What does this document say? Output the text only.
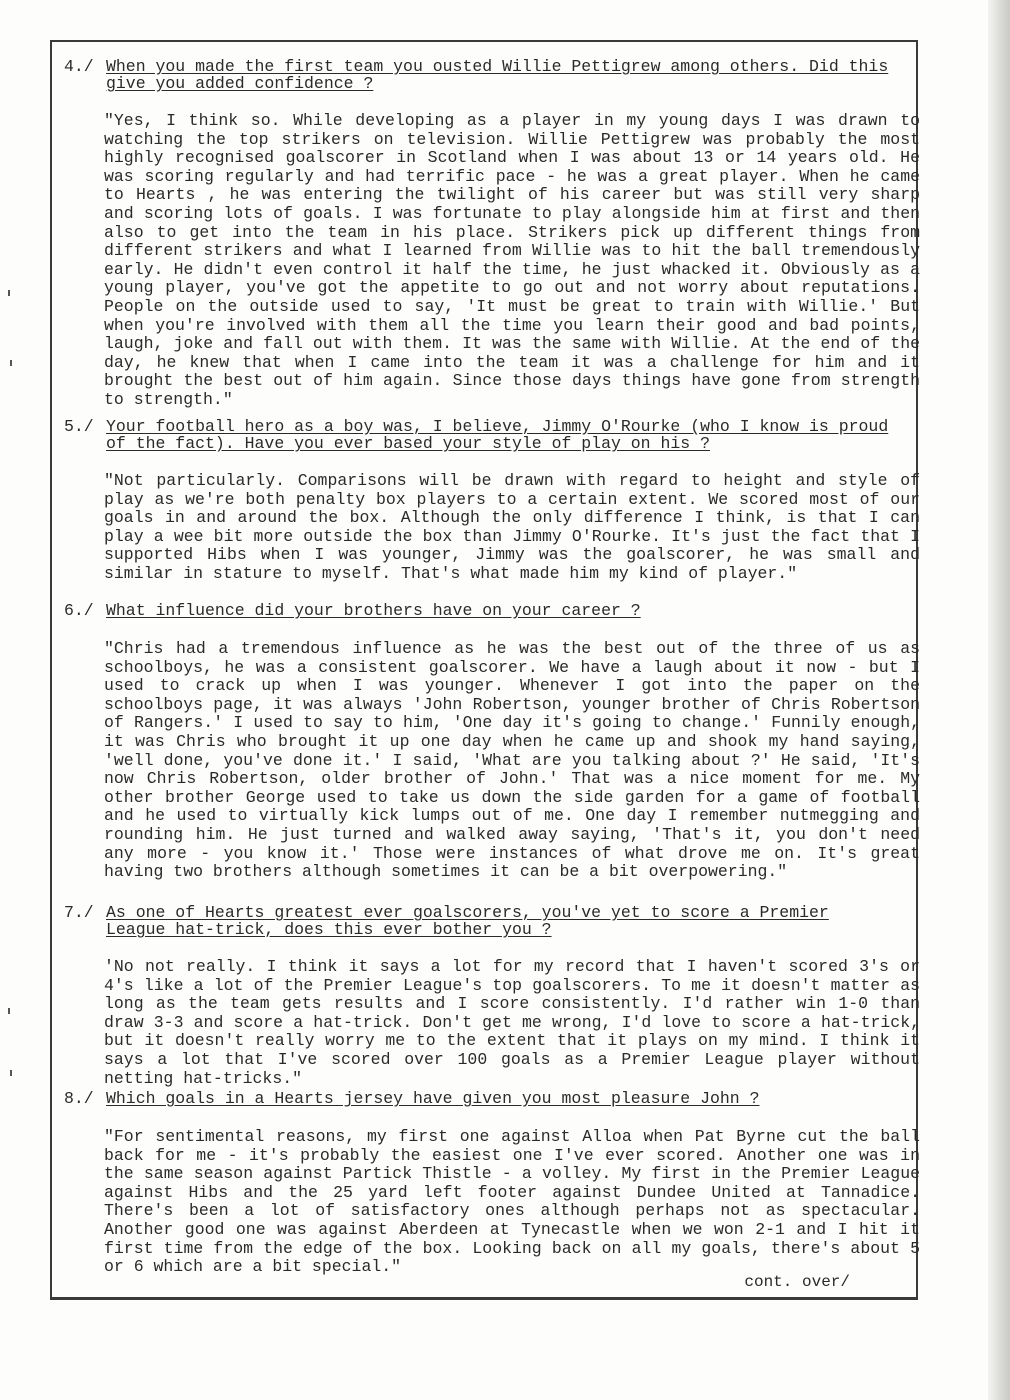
4./ When you made the first team you ousted Willie Pettigrew among others. Did this give you added confidence ?

"Yes, I think so. While developing as a player in my young days I was drawn to watching the top strikers on television. Willie Pettigrew was probably the most highly recognised goalscorer in Scotland when I was about 13 or 14 years old. He was scoring regularly and had terrific pace - he was a great player. When he came to Hearts , he was entering the twilight of his career but was still very sharp and scoring lots of goals. I was fortunate to play alongside him at first and then also to get into the team in his place. Strikers pick up different things from different strikers and what I learned from Willie was to hit the ball tremendously early. He didn't even control it half the time, he just whacked it. Obviously as a young player, you've got the appetite to go out and not worry about reputations. People on the outside used to say, 'It must be great to train with Willie.' But when you're involved with them all the time you learn their good and bad points, laugh, joke and fall out with them. It was the same with Willie. At the end of the day, he knew that when I came into the team it was a challenge for him and it brought the best out of him again. Since those days things have gone from strength to strength."

5./ Your football hero as a boy was, I believe, Jimmy O'Rourke (who I know is proud of the fact). Have you ever based your style of play on his ?

"Not particularly. Comparisons will be drawn with regard to height and style of play as we're both penalty box players to a certain extent. We scored most of our goals in and around the box. Although the only difference I think, is that I can play a wee bit more outside the box than Jimmy O'Rourke. It's just the fact that I supported Hibs when I was younger, Jimmy was the goalscorer, he was small and similar in stature to myself. That's what made him my kind of player."

6./ What influence did your brothers have on your career ?

"Chris had a tremendous influence as he was the best out of the three of us as schoolboys, he was a consistent goalscorer. We have a laugh about it now - but I used to crack up when I was younger. Whenever I got into the paper on the schoolboys page, it was always 'John Robertson, younger brother of Chris Robertson of Rangers.' I used to say to him, 'One day it's going to change.' Funnily enough, it was Chris who brought it up one day when he came up and shook my hand saying, 'well done, you've done it.' I said, 'What are you talking about ?' He said, 'It's now Chris Robertson, older brother of John.' That was a nice moment for me. My other brother George used to take us down the side garden for a game of football and he used to virtually kick lumps out of me. One day I remember nutmegging and rounding him. He just turned and walked away saying, 'That's it, you don't need any more - you know it.' Those were instances of what drove me on. It's great having two brothers although sometimes it can be a bit overpowering."

7./ As one of Hearts greatest ever goalscorers, you've yet to score a Premier League hat-trick, does this ever bother you ?

'No not really. I think it says a lot for my record that I haven't scored 3's or 4's like a lot of the Premier League's top goalscorers. To me it doesn't matter as long as the team gets results and I score consistently. I'd rather win 1-0 than draw 3-3 and score a hat-trick. Don't get me wrong, I'd love to score a hat-trick, but it doesn't really worry me to the extent that it plays on my mind. I think it says a lot that I've scored over 100 goals as a Premier League player without netting hat-tricks."

8./ Which goals in a Hearts jersey have given you most pleasure John ?

"For sentimental reasons, my first one against Alloa when Pat Byrne cut the ball back for me - it's probably the easiest one I've ever scored. Another one was in the same season against Partick Thistle - a volley. My first in the Premier League against Hibs and the 25 yard left footer against Dundee United at Tannadice. There's been a lot of satisfactory ones although perhaps not as spectacular. Another good one was against Aberdeen at Tynecastle when we won 2-1 and I hit it first time from the edge of the box. Looking back on all my goals, there's about 5 or 6 which are a bit special."

cont. over/
